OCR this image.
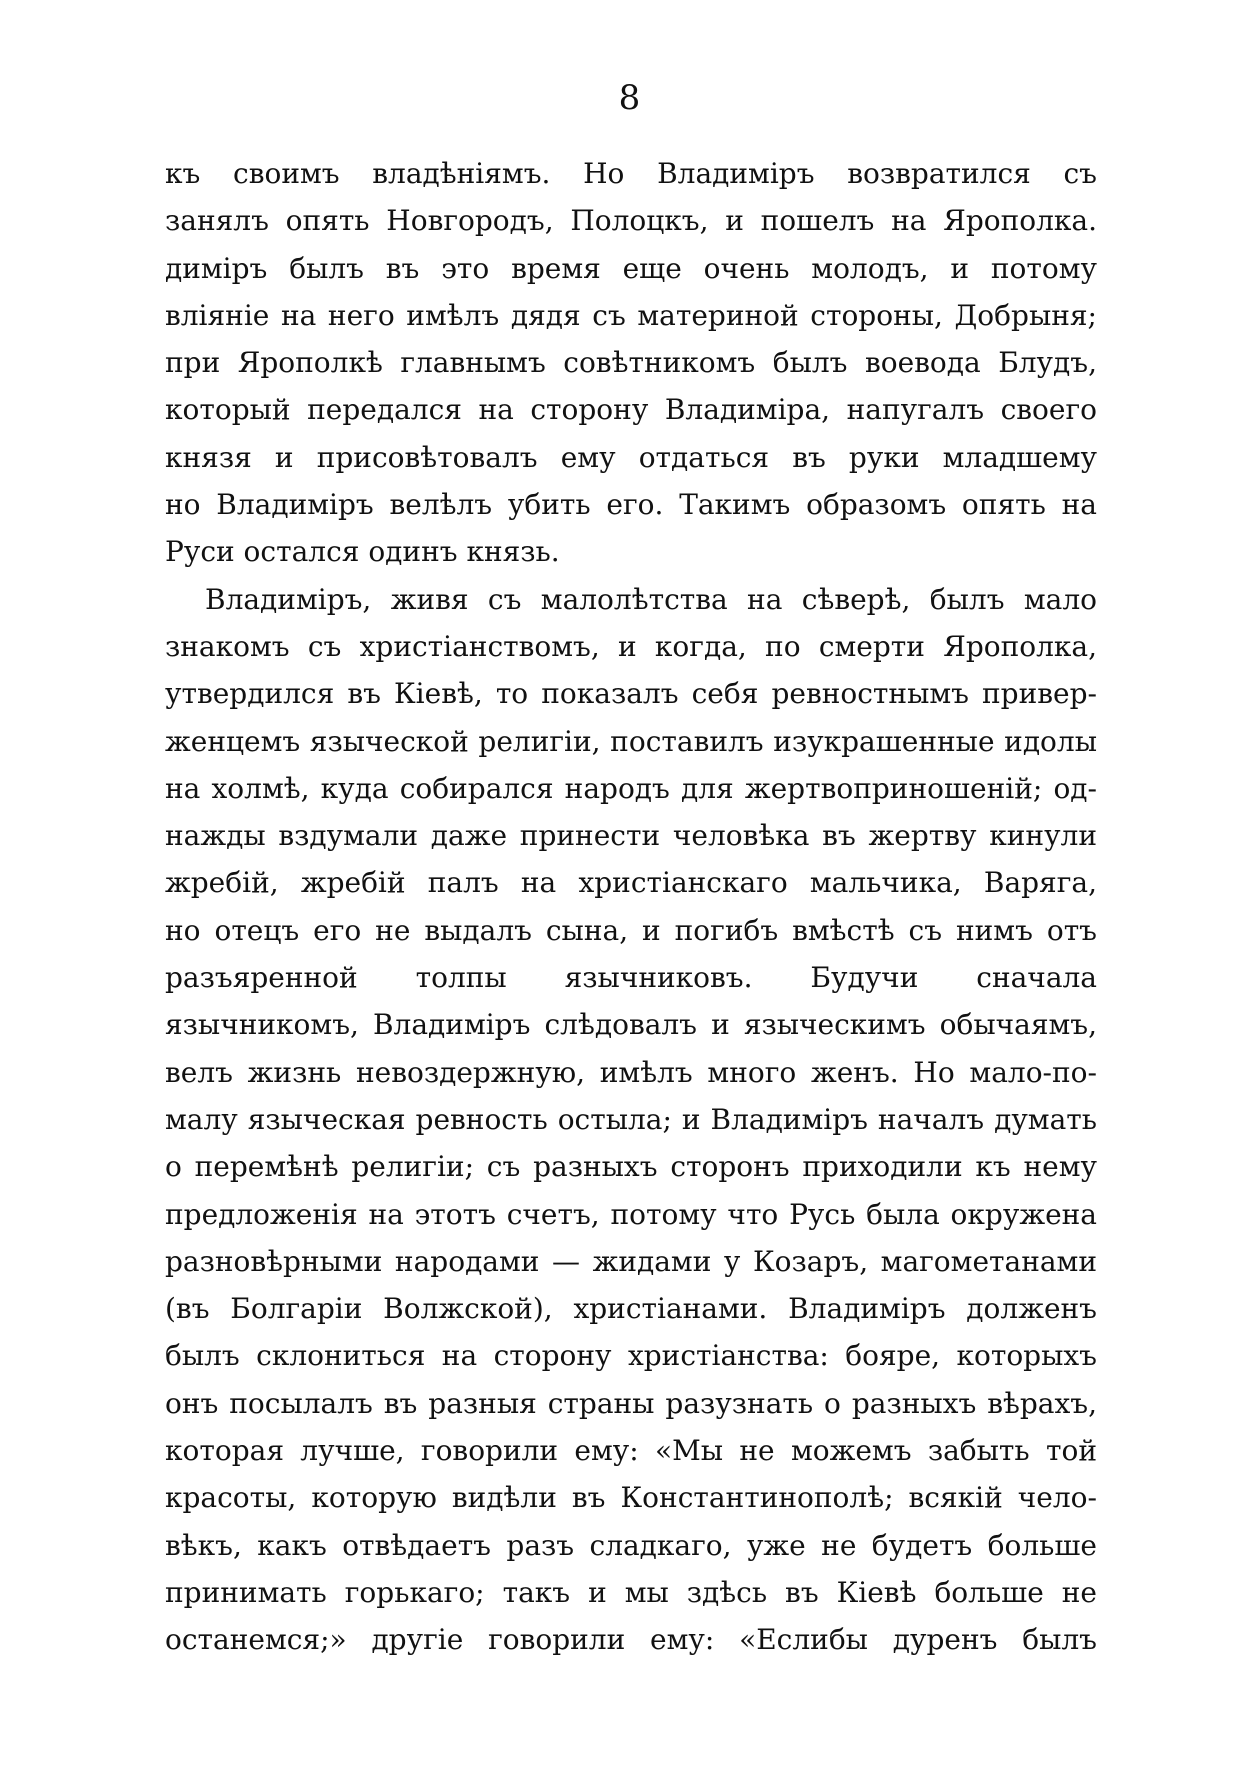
8
къ своимъ владѣніямъ. Но Владиміръ возвратился съ
занялъ опять Новгородъ, Полоцкъ, и пошелъ на Ярополка.
диміръ былъ въ это время еще очень молодъ, и потому
вліяніе на него имѣлъ дядя съ материной стороны, Добрыня;
при Ярополкѣ главнымъ совѣтникомъ былъ воевода Блудъ,
который передался на сторону Владиміра, напугалъ своего
князя и присовѣтовалъ ему отдаться въ руки младшему
но Владиміръ велѣлъ убить его. Такимъ образомъ опять на
Руси остался одинъ князь.
Владиміръ, живя съ малолѣтства на сѣверѣ, былъ мало
знакомъ съ христіанствомъ, и когда, по смерти Ярополка,
утвердился въ Кіевѣ, то показалъ себя ревностнымъ привер-
женцемъ языческой религіи, поставилъ изукрашенные идолы
на холмѣ, куда собирался народъ для жертвоприношеній; од-
нажды вздумали даже принести человѣка въ жертву кинули
жребій, жребій палъ на христіанскаго мальчика, Варяга,
но отецъ его не выдалъ сына, и погибъ вмѣстѣ съ нимъ отъ
разъяренной толпы язычниковъ. Будучи сначала
язычникомъ, Владиміръ слѣдовалъ и языческимъ обычаямъ,
велъ жизнь невоздержную, имѣлъ много женъ. Но мало-по-
малу языческая ревность остыла; и Владиміръ началъ думать
о перемѣнѣ религіи; съ разныхъ сторонъ приходили къ нему
предложенія на этотъ счетъ, потому что Русь была окружена
разновѣрными народами — жидами у Козаръ, магометанами
(въ Болгаріи Волжской), христіанами. Владиміръ долженъ
былъ склониться на сторону христіанства: бояре, которыхъ
онъ посылалъ въ разныя страны разузнать о разныхъ вѣрахъ,
которая лучше, говорили ему: «Мы не можемъ забыть той
красоты, которую видѣли въ Константинополѣ; всякій чело-
вѣкъ, какъ отвѣдаетъ разъ сладкаго, уже не будетъ больше
принимать горькаго; такъ и мы здѣсь въ Кіевѣ больше не
останемся;» другіе говорили ему: «Еслибы дуренъ былъ
